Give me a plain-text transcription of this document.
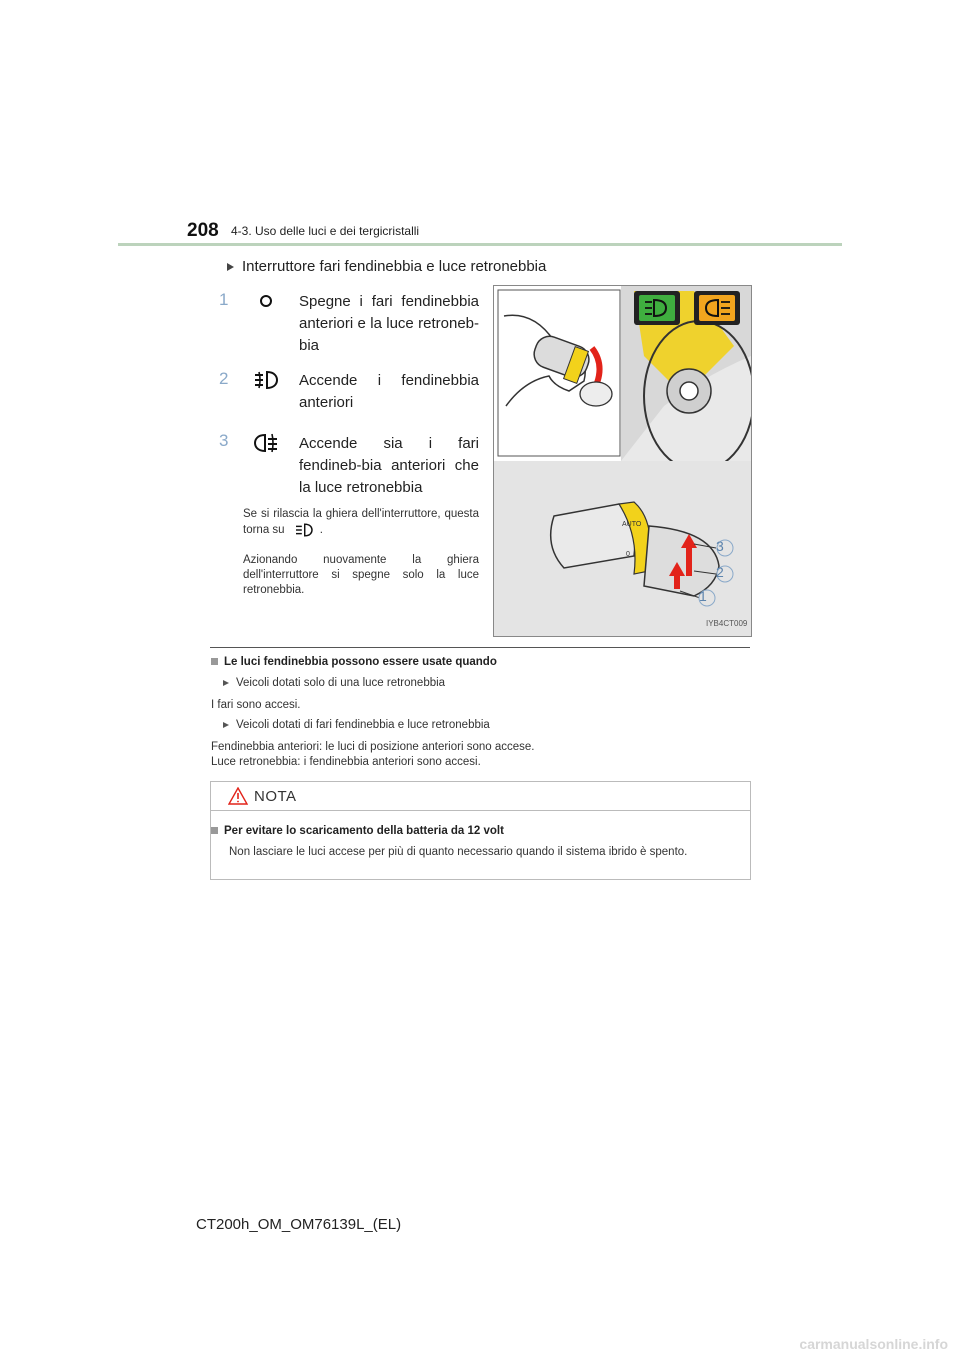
208 4-3. Uso delle luci e dei tergicristalli
Interruttore fari fendinebbia e luce retronebbia
1	Spegne i fari fendinebbia anteriori e la luce retroneb-bia
2	Accende i fendinebbia anteriori
3	Accende sia i fari fendineb-bia anteriori che la luce retronebbia
Se si rilascia la ghiera dell'interruttore, questa torna su	.
Azionando nuovamente la ghiera dell'interruttore si spegne solo la luce retronebbia.
AUTO
0
3
2
1
IYB4CT009
Le luci fendinebbia possono essere usate quando
Veicoli dotati solo di una luce retronebbia
I fari sono accesi.
Veicoli dotati di fari fendinebbia e luce retronebbia
Fendinebbia anteriori: le luci di posizione anteriori sono accese.
Luce retronebbia: i fendinebbia anteriori sono accesi.
NOTA
Per evitare lo scaricamento della batteria da 12 volt
Non lasciare le luci accese per più di quanto necessario quando il sistema ibrido è spento.
CT200h_OM_OM76139L_(EL)
carmanualsonline.info
